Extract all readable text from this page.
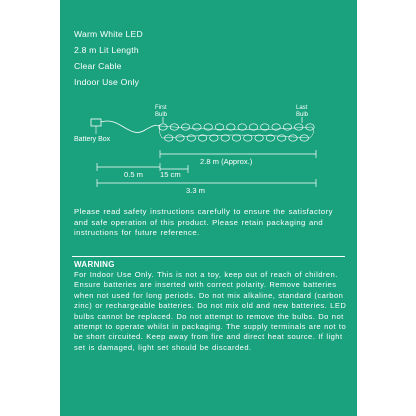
Warm White LED
2.8 m Lit Length
Clear Cable
Indoor Use Only
First Bulb
Last Bulb
Battery Box
2.8 m (Approx.)
0.5 m 15 cm
3.3 m
Please read safety instructions carefully to ensure the satisfactory and safe operation of this product. Please retain packaging and instructions for future reference.
WARNING
For Indoor Use Only. This is not a toy, keep out of reach of children. Ensure batteries are inserted with correct polarity. Remove batteries when not used for long periods. Do not mix alkaline, standard (carbon zinc) or rechargeable batteries. Do not mix old and new batteries. LED bulbs cannot be replaced. Do not attempt to remove the bulbs. Do not attempt to operate whilst in packaging. The supply terminals are not to be short circuited. Keep away from fire and direct heat source. If light set is damaged, light set should be discarded.
